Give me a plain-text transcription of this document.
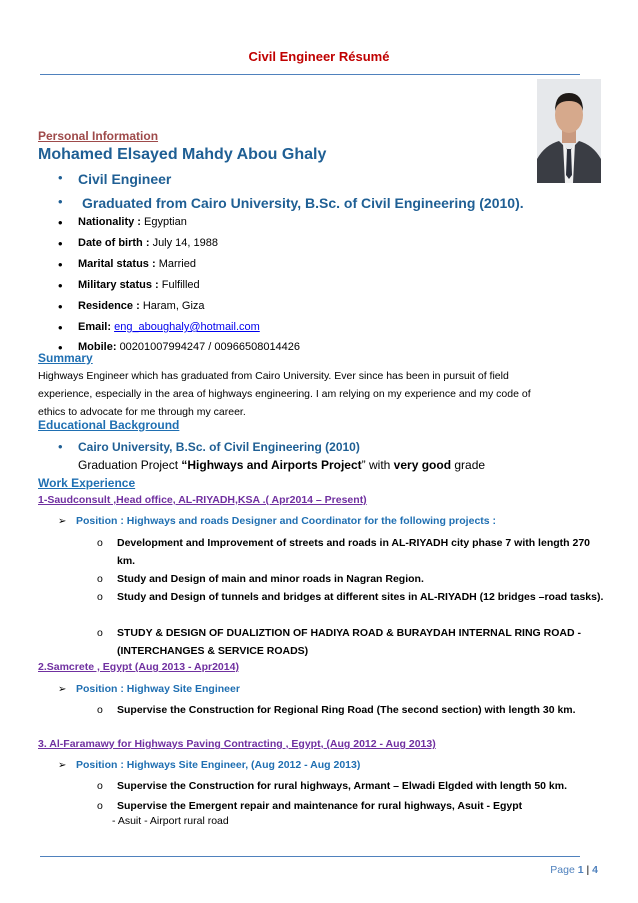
Civil Engineer Résumé
Personal Information
Mohamed Elsayed Mahdy Abou Ghaly
• Civil Engineer
• Graduated from Cairo University, B.Sc. of Civil Engineering (2010).
• Nationality : Egyptian
• Date of birth : July 14, 1988
• Marital status : Married
• Military status : Fulfilled
• Residence : Haram, Giza
• Email: eng_aboughaly@hotmail.com
• Mobile: 00201007994247 / 00966508014426
Summary
Highways Engineer which has graduated from Cairo University. Ever since has been in pursuit of field
experience, especially in the area of highways engineering. I am relying on my experience and my code of
ethics to advocate for me through my career.
Educational Background
• Cairo University, B.Sc. of Civil Engineering (2010)
Graduation Project “Highways and Airports Project” with very good grade
Work Experience
1-Saudconsult ,Head office, AL-RIYADH,KSA .( Apr2014 – Present)
➢ Position : Highways and roads Designer and Coordinator for the following projects :
o Development and Improvement of streets and roads in AL-RIYADH city phase 7 with length 270 km.
o Study and Design of main and minor roads in Nagran Region.
o Study and Design of tunnels and bridges at different sites in AL-RIYADH (12 bridges –road tasks).
o STUDY & DESIGN OF DUALIZTION OF HADIYA ROAD & BURAYDAH INTERNAL RING ROAD - (INTERCHANGES & SERVICE ROADS)
2.Samcrete , Egypt (Aug 2013 - Apr2014)
➢ Position : Highway Site Engineer
o Supervise the Construction for Regional Ring Road (The second section) with length 30 km.
3. Al-Faramawy for Highways Paving Contracting , Egypt, (Aug 2012 - Aug 2013)
➢ Position : Highways Site Engineer, (Aug 2012 - Aug 2013)
o Supervise the Construction for rural highways, Armant – Elwadi Elgded with length 50 km.
o Supervise the Emergent repair and maintenance for rural highways, Asuit - Egypt
- Asuit - Airport rural road
Page 1 | 4
